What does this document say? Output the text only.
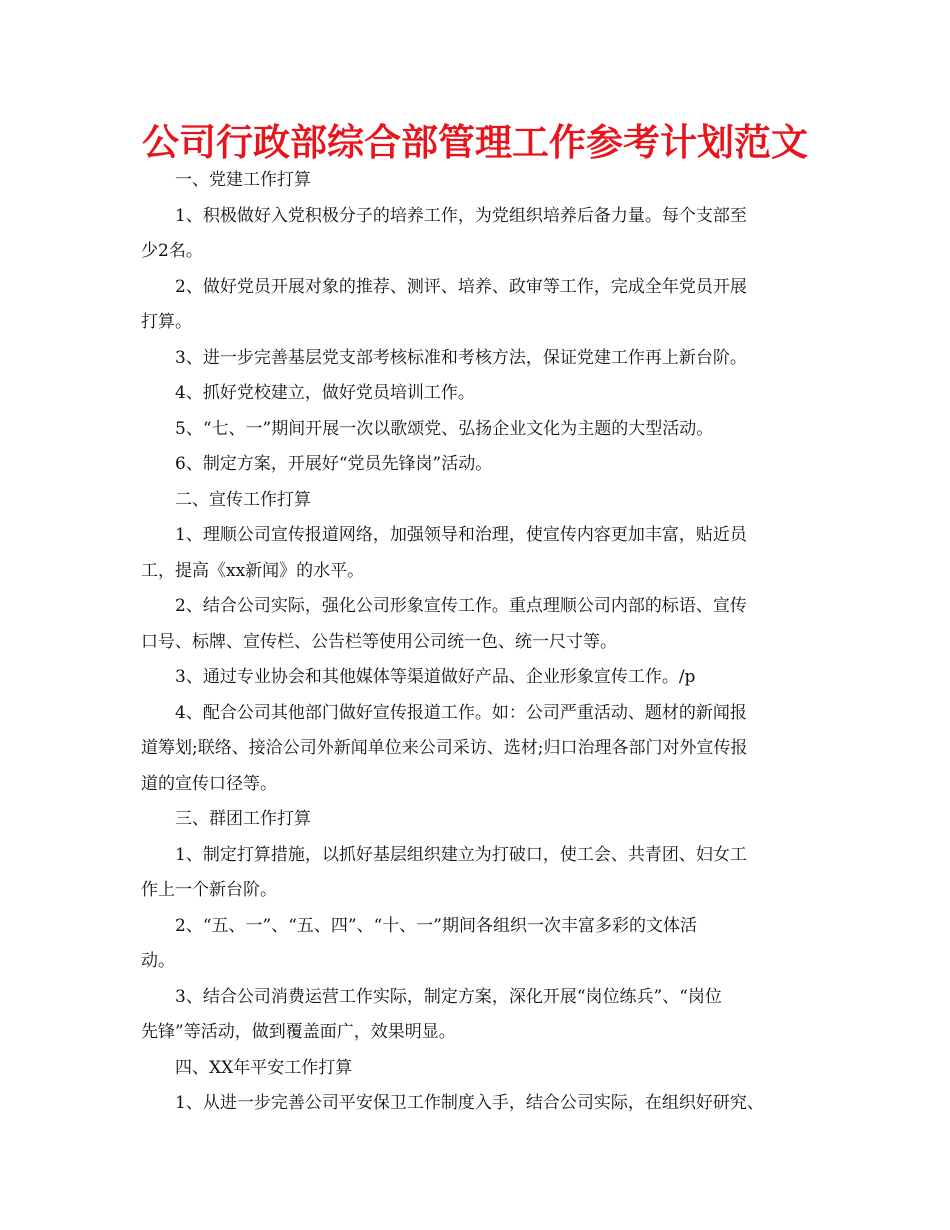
公司行政部综合部管理工作参考计划范文
一、党建工作打算
1、积极做好入党积极分子的培养工作，为党组织培养后备力量。每个支部至
少2名。
2、做好党员开展对象的推荐、测评、培养、政审等工作，完成全年党员开展
打算。
3、进一步完善基层党支部考核标准和考核方法，保证党建工作再上新台阶。
4、抓好党校建立，做好党员培训工作。
5、“七、一”期间开展一次以歌颂党、弘扬企业文化为主题的大型活动。
6、制定方案，开展好“党员先锋岗”活动。
二、宣传工作打算
1、理顺公司宣传报道网络，加强领导和治理，使宣传内容更加丰富，贴近员
工，提高《xx新闻》的水平。
2、结合公司实际，强化公司形象宣传工作。重点理顺公司内部的标语、宣传
口号、标牌、宣传栏、公告栏等使用公司统一色、统一尺寸等。
3、通过专业协会和其他媒体等渠道做好产品、企业形象宣传工作。/p
4、配合公司其他部门做好宣传报道工作。如：公司严重活动、题材的新闻报
道筹划;联络、接洽公司外新闻单位来公司采访、选材;归口治理各部门对外宣传报
道的宣传口径等。
三、群团工作打算
1、制定打算措施，以抓好基层组织建立为打破口，使工会、共青团、妇女工
作上一个新台阶。
2、“五、一”、“五、四”、“十、一”期间各组织一次丰富多彩的文体活
动。
3、结合公司消费运营工作实际，制定方案，深化开展“岗位练兵”、“岗位
先锋”等活动，做到覆盖面广，效果明显。
四、XX年平安工作打算
1、从进一步完善公司平安保卫工作制度入手，结合公司实际，在组织好研究、
